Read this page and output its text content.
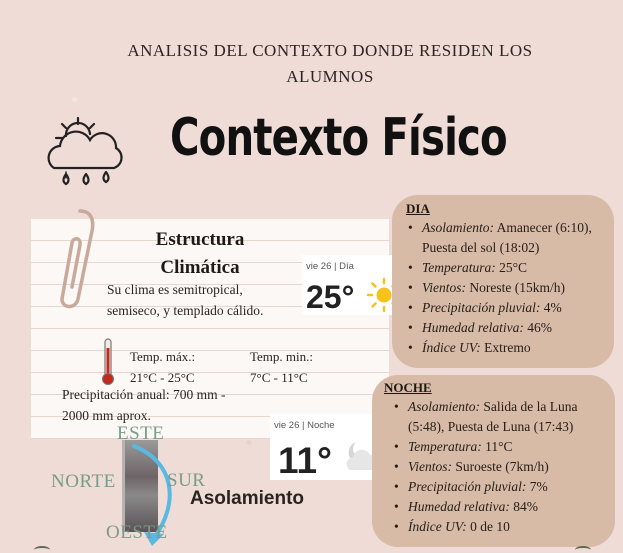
ANALISIS DEL CONTEXTO DONDE RESIDEN LOS ALUMNOS
Contexto Físico
Estructura
Climática
Su clima es semitropical, semiseco, y templado cálido.
vie 26 | Día
25°
Temp. máx.:
21°C - 25°C
Temp. min.:
7°C - 11°C
Precipitación anual: 700 mm - 2000 mm aprox.
vie 26 | Noche
11°
DIA
• Asolamiento: Amanecer (6:10), Puesta del sol (18:02)
• Temperatura: 25°C
• Vientos: Noreste (15km/h)
• Precipitación pluvial: 4%
• Humedad relativa: 46%
• Índice UV: Extremo
NOCHE
• Asolamiento: Salida de la Luna (5:48), Puesta de Luna (17:43)
• Temperatura: 11°C
• Vientos: Suroeste (7km/h)
• Precipitación pluvial: 7%
• Humedad relativa: 84%
• Índice UV: 0 de 10
ESTE
NORTE	SUR
OESTE
Asolamiento
